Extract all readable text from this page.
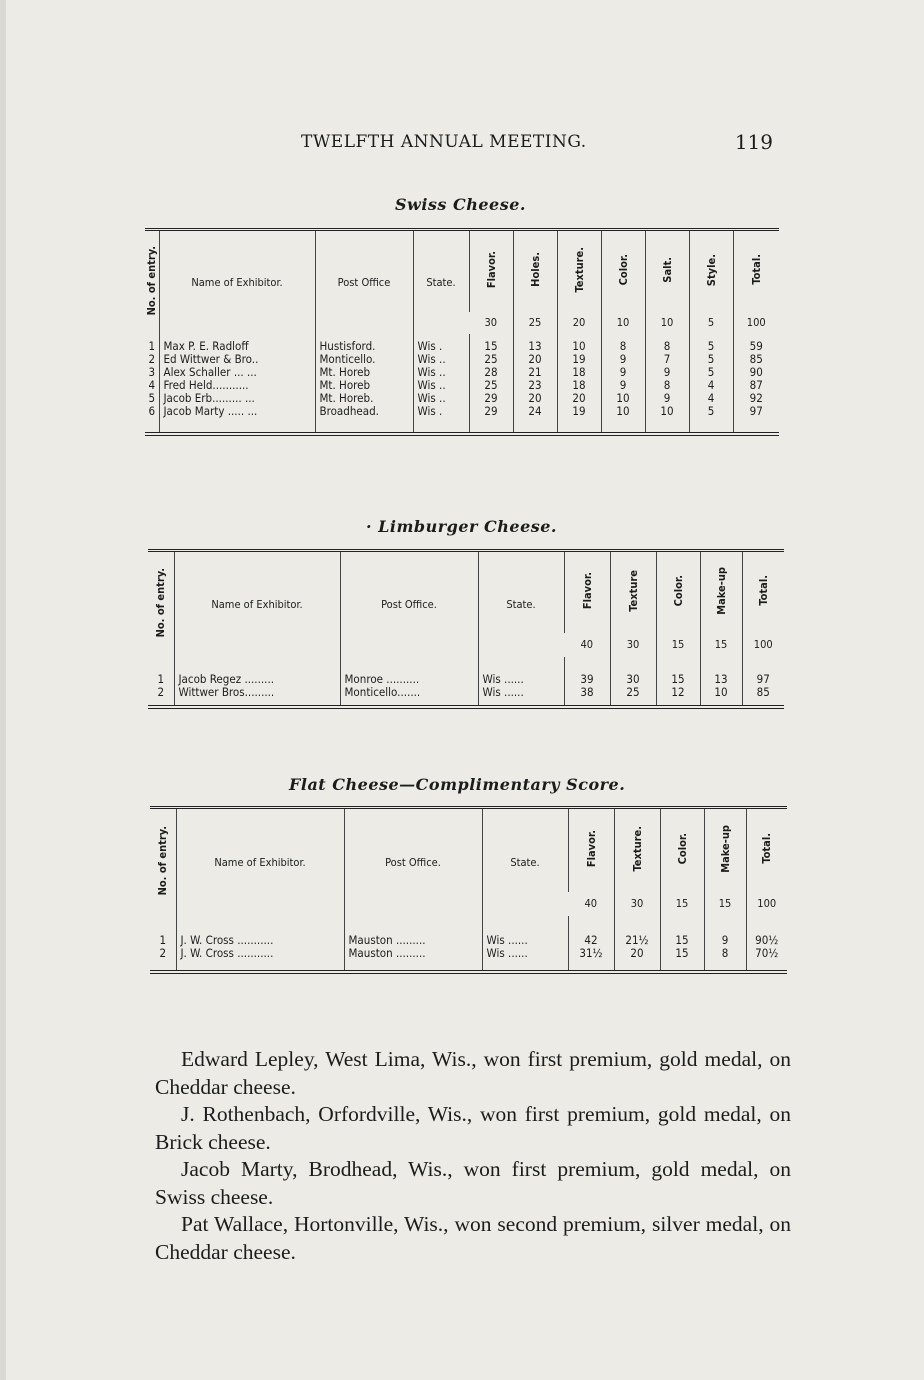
TWELFTH ANNUAL MEETING.	119
Swiss Cheese.
No. of entry.	Name of Exhibitor.	Post Office	State.	Flavor.	Holes.	Texture.	Color.	Salt.	Style.	Total.
				30	25	20	10	10	5	100

1	Max P. E. Radloff	Hustisford.	Wis .	15	13	10	8	8	5	59
2	Ed Wittwer & Bro..	Monticello.	Wis ..	25	20	19	9	7	5	85
3	Alex Schaller ... ...	Mt. Horeb	Wis ..	28	21	18	9	9	5	90
4	Fred Held...........	Mt. Horeb	Wis ..	25	23	18	9	8	4	87
5	Jacob Erb......... ...	Mt. Horeb.	Wis ..	29	20	20	10	9	4	92
6	Jacob Marty ..... ...	Broadhead.	Wis .	29	24	19	10	10	5	97

· Limburger Cheese.
No. of entry.	Name of Exhibitor.	Post Office.	State.	Flavor.	Texture	Color.	Make-up	Total.
				40	30	15	15	100

1	Jacob Regez .........	Monroe ..........	Wis ......	39	30	15	13	97
2	Wittwer Bros.........	Monticello.......	Wis ......	38	25	12	10	85

Flat Cheese—Complimentary Score.
No. of entry.	Name of Exhibitor.	Post Office.	State.	Flavor.	Texture.	Color.	Make-up	Total.
				40	30	15	15	100

1	J. W. Cross ...........	Mauston .........	Wis ......	42	21½	15	9	90½
2	J. W. Cross ...........	Mauston .........	Wis ......	31½	20	15	8	70½

Edward Lepley, West Lima, Wis., won first premium, gold medal, on Cheddar cheese.

J. Rothenbach, Orfordville, Wis., won first premium, gold medal, on Brick cheese.

Jacob Marty, Brodhead, Wis., won first premium, gold medal, on Swiss cheese.

Pat Wallace, Hortonville, Wis., won second premium, silver medal, on Cheddar cheese.
